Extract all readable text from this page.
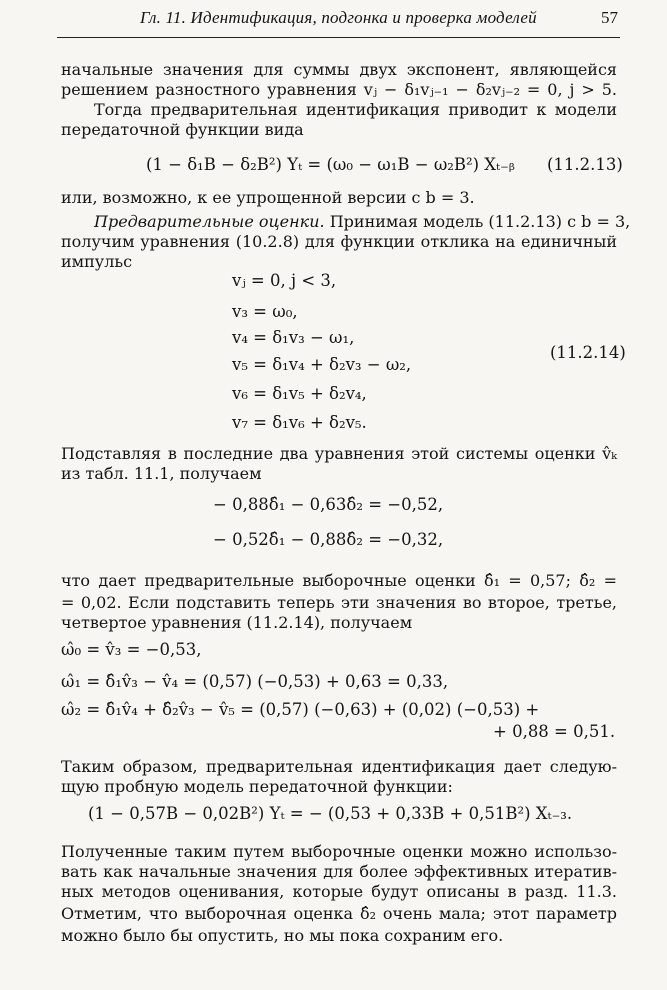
Гл. 11. Идентификация, подгонка и проверка моделей	57
начальные значения для суммы двух экспонент, являющейся
решением разностного уравнения vⱼ − δ₁vⱼ₋₁ − δ₂vⱼ₋₂ = 0, j > 5.
Тогда предварительная идентификация приводит к модели
передаточной функции вида
(1 − δ₁B − δ₂B²) Yₜ = (ω₀ − ω₁B − ω₂B²) Xₜ₋ᵦ (11.2.13)
или, возможно, к ее упрощенной версии с b = 3.
Предварительные оценки. Принимая модель (11.2.13) с b = 3,
получим уравнения (10.2.8) для функции отклика на единичный
импульс
vⱼ = 0, j < 3,
v₃ = ω₀,
v₄ = δ₁v₃ − ω₁,
v₅ = δ₁v₄ + δ₂v₃ − ω₂,
v₆ = δ₁v₅ + δ₂v₄,
v₇ = δ₁v₆ + δ₂v₅.
(11.2.14)
Подставляя в последние два уравнения этой системы оценки v̂ₖ
из табл. 11.1, получаем
− 0,88δ̂₁ − 0,63δ̂₂ = −0,52,
− 0,52δ̂₁ − 0,88δ̂₂ = −0,32,
что дает предварительные выборочные оценки δ̂₁ = 0,57; δ̂₂ =
= 0,02. Если подставить теперь эти значения во второе, третье,
четвертое уравнения (11.2.14), получаем
ω̂₀ = v̂₃ = −0,53,
ω̂₁ = δ̂₁v̂₃ − v̂₄ = (0,57) (−0,53) + 0,63 = 0,33,
ω̂₂ = δ̂₁v̂₄ + δ̂₂v̂₃ − v̂₅ = (0,57) (−0,63) + (0,02) (−0,53) +
+ 0,88 = 0,51.
Таким образом, предварительная идентификация дает следую-
щую пробную модель передаточной функции:
(1 − 0,57B − 0,02B²) Yₜ = − (0,53 + 0,33B + 0,51B²) Xₜ₋₃.
Полученные таким путем выборочные оценки можно использо-
вать как начальные значения для более эффективных итератив-
ных методов оценивания, которые будут описаны в разд. 11.3.
Отметим, что выборочная оценка δ̂₂ очень мала; этот параметр
можно было бы опустить, но мы пока сохраним его.
